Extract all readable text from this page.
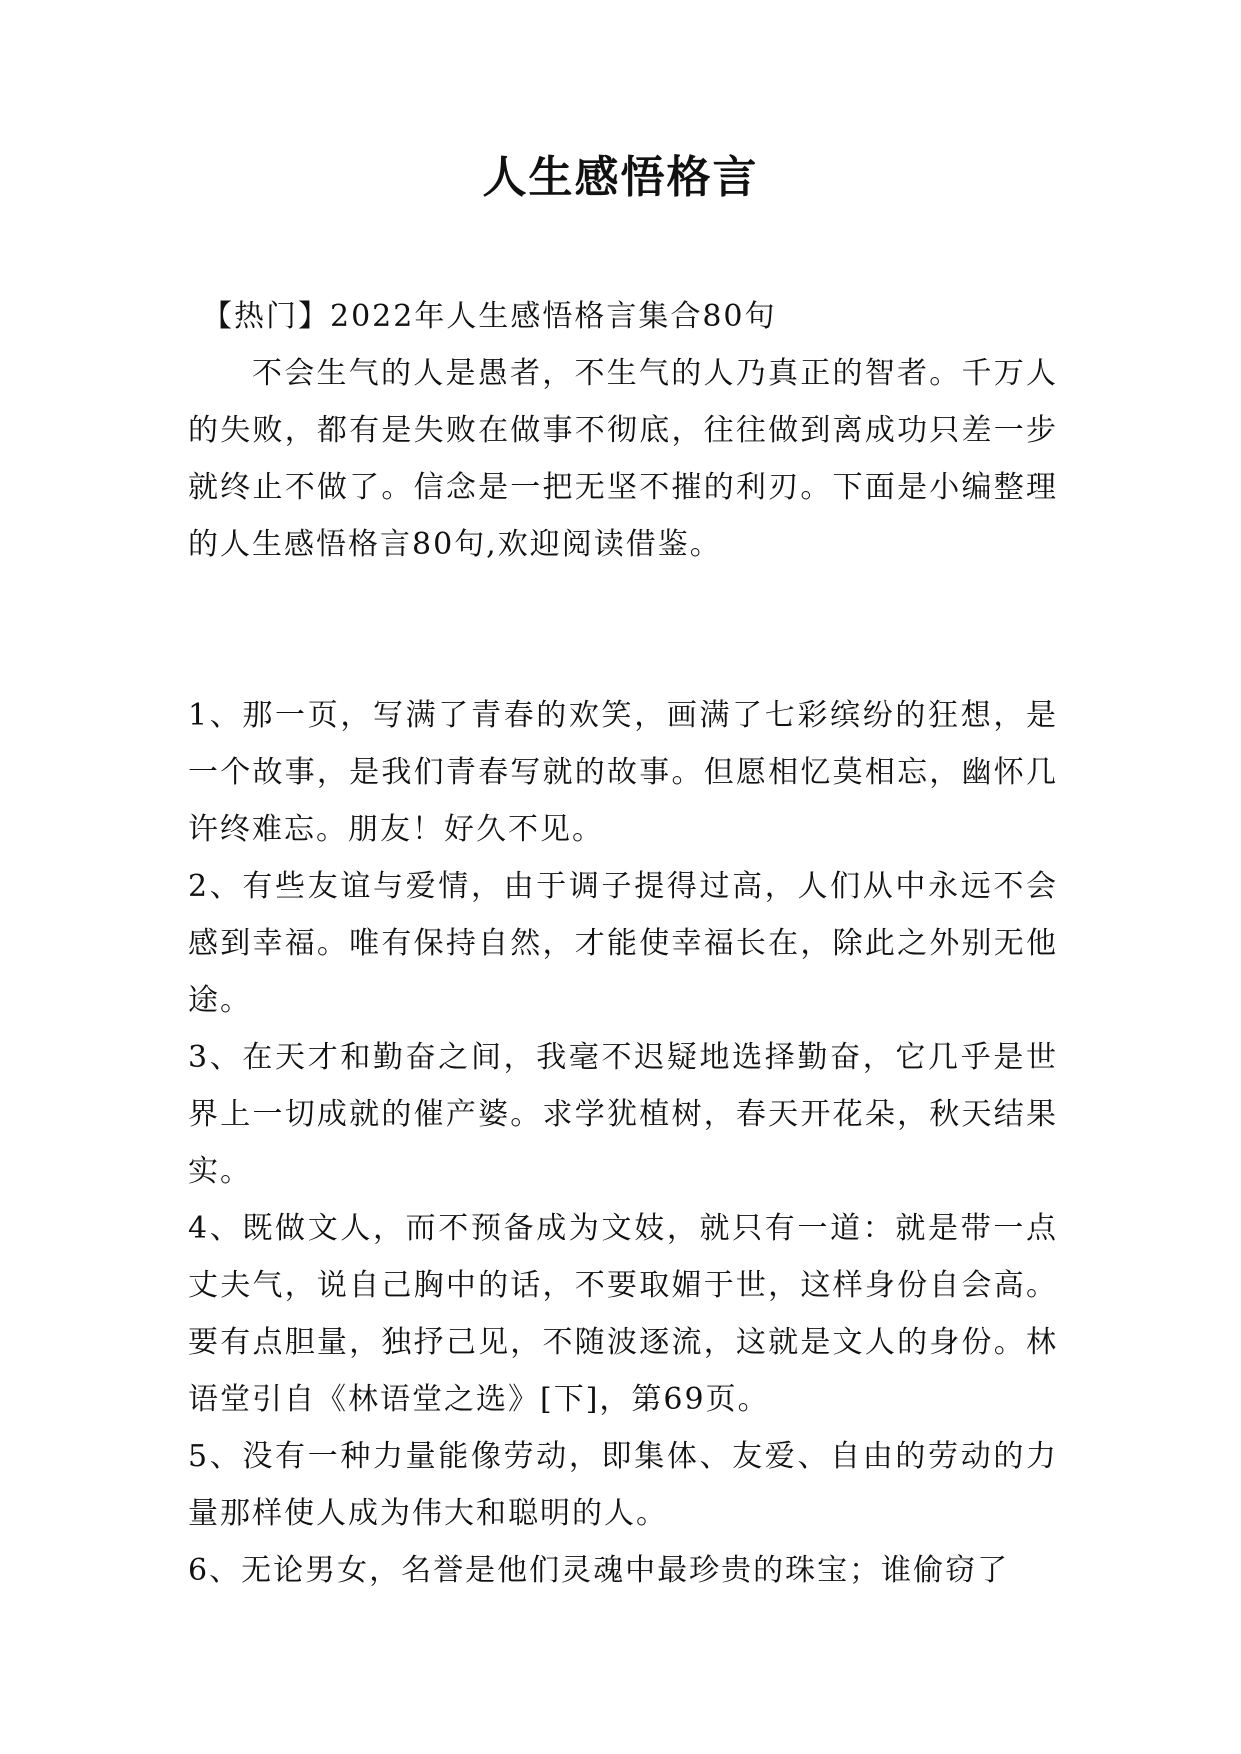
人生感悟格言

【热门】2022年人生感悟格言集合80句

不会生气的人是愚者，不生气的人乃真正的智者。千万人的失败，都有是失败在做事不彻底，往往做到离成功只差一步就终止不做了。信念是一把无坚不摧的利刃。下面是小编整理的人生感悟格言80句,欢迎阅读借鉴。

1、那一页，写满了青春的欢笑，画满了七彩缤纷的狂想，是一个故事，是我们青春写就的故事。但愿相忆莫相忘，幽怀几许终难忘。朋友！好久不见。

2、有些友谊与爱情，由于调子提得过高，人们从中永远不会感到幸福。唯有保持自然，才能使幸福长在，除此之外别无他途。

3、在天才和勤奋之间，我毫不迟疑地选择勤奋，它几乎是世界上一切成就的催产婆。求学犹植树，春天开花朵，秋天结果实。

4、既做文人，而不预备成为文妓，就只有一道：就是带一点丈夫气，说自己胸中的话，不要取媚于世，这样身份自会高。要有点胆量，独抒己见，不随波逐流，这就是文人的身份。林语堂引自《林语堂之选》[下]，第69页。

5、没有一种力量能像劳动，即集体、友爱、自由的劳动的力量那样使人成为伟大和聪明的人。

6、无论男女，名誉是他们灵魂中最珍贵的珠宝；谁偷窃了
